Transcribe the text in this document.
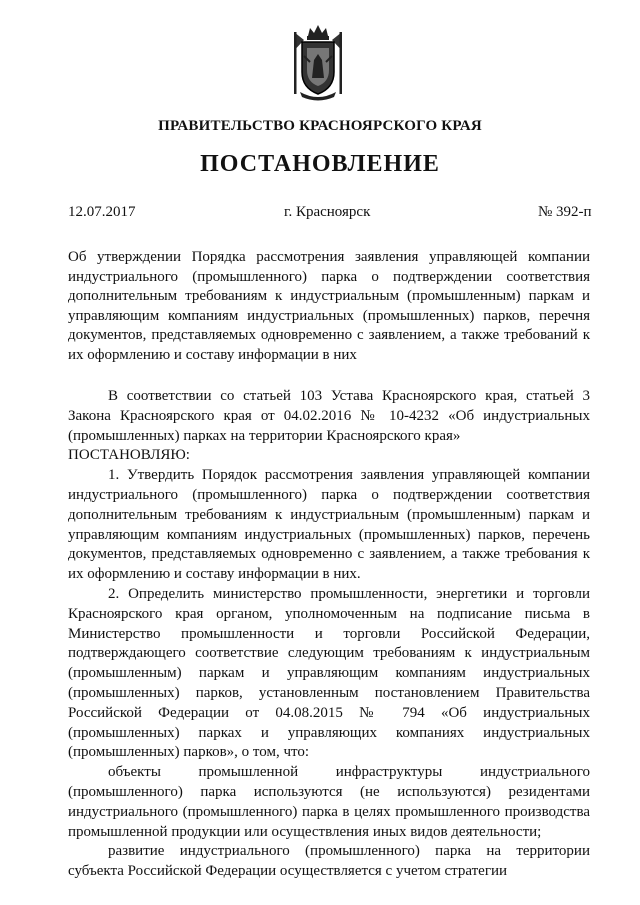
ПРАВИТЕЛЬСТВО КРАСНОЯРСКОГО КРАЯ
ПОСТАНОВЛЕНИЕ
12.07.2017	г. Красноярск	№ 392-п

Об утверждении Порядка рассмотрения заявления управляющей компании индустриального (промышленного) парка о подтверждении соответствия дополнительным требованиям к индустриальным (промышленным) паркам и управляющим компаниям индустриальных (промышленных) парков, перечня документов, представляемых одновременно с заявлением, а также требований к их оформлению и составу информации в них

В соответствии со статьей 103 Устава Красноярского края, статьей 3 Закона Красноярского края от 04.02.2016 № 10-4232 «Об индустриальных (промышленных) парках на территории Красноярского края»

ПОСТАНОВЛЯЮ:

1. Утвердить Порядок рассмотрения заявления управляющей компании индустриального (промышленного) парка о подтверждении соответствия дополнительным требованиям к индустриальным (промышленным) паркам и управляющим компаниям индустриальных (промышленных) парков, перечень документов, представляемых одновременно с заявлением, а также требования к их оформлению и составу информации в них.

2. Определить министерство промышленности, энергетики и торговли Красноярского края органом, уполномоченным на подписание письма в Министерство промышленности и торговли Российской Федерации, подтверждающего соответствие следующим требованиям к индустриальным (промышленным) паркам и управляющим компаниям индустриальных (промышленных) парков, установленным постановлением Правительства Российской Федерации от 04.08.2015 № 794 «Об индустриальных (промышленных) парках и управляющих компаниях индустриальных (промышленных) парков», о том, что:

объекты промышленной инфраструктуры индустриального (промышленного) парка используются (не используются) резидентами индустриального (промышленного) парка в целях промышленного производства промышленной продукции или осуществления иных видов деятельности;

развитие индустриального (промышленного) парка на территории субъекта Российской Федерации осуществляется с учетом стратегии
